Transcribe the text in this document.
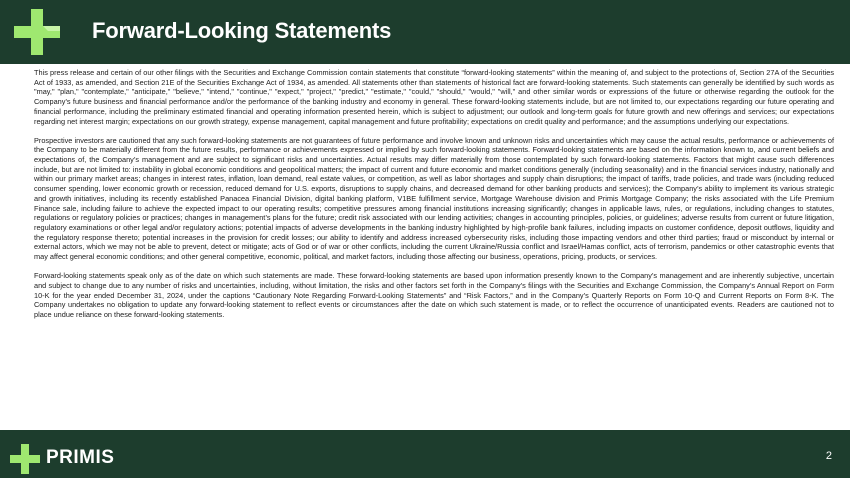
Forward-Looking Statements

This press release and certain of our other filings with the Securities and Exchange Commission contain statements that constitute “forward-looking statements” within the meaning of, and subject to the protections of, Section 27A of the Securities Act of 1933, as amended, and Section 21E of the Securities Exchange Act of 1934, as amended. All statements other than statements of historical fact are forward-looking statements. Such statements can generally be identified by such words as "may," "plan," "contemplate," "anticipate," "believe," "intend," "continue," "expect," "project," "predict," "estimate," "could," "should," "would," "will," and other similar words or expressions of the future or otherwise regarding the outlook for the Company’s future business and financial performance and/or the performance of the banking industry and economy in general. These forward-looking statements include, but are not limited to, our expectations regarding our future operating and financial performance, including the preliminary estimated financial and operating information presented herein, which is subject to adjustment; our outlook and long-term goals for future growth and new offerings and services; our expectations regarding net interest margin; expectations on our growth strategy, expense management, capital management and future profitability; expectations on credit quality and performance; and the assumptions underlying our expectations.

Prospective investors are cautioned that any such forward-looking statements are not guarantees of future performance and involve known and unknown risks and uncertainties which may cause the actual results, performance or achievements of the Company to be materially different from the future results, performance or achievements expressed or implied by such forward-looking statements. Forward-looking statements are based on the information known to, and current beliefs and expectations of, the Company’s management and are subject to significant risks and uncertainties. Actual results may differ materially from those contemplated by such forward-looking statements. Factors that might cause such differences include, but are not limited to: instability in global economic conditions and geopolitical matters; the impact of current and future economic and market conditions generally (including seasonality) and in the financial services industry, nationally and within our primary market areas; changes in interest rates, inflation, loan demand, real estate values, or competition, as well as labor shortages and supply chain disruptions; the impact of tariffs, trade policies, and trade wars (including reduced consumer spending, lower economic growth or recession, reduced demand for U.S. exports, disruptions to supply chains, and decreased demand for other banking products and services); the Company’s ability to implement its various strategic and growth initiatives, including its recently established Panacea Financial Division, digital banking platform, V1BE fulfillment service, Mortgage Warehouse division and Primis Mortgage Company; the risks associated with the Life Premium Finance sale, including failure to achieve the expected impact to our operating results; competitive pressures among financial institutions increasing significantly; changes in applicable laws, rules, or regulations, including changes to statutes, regulations or regulatory policies or practices; changes in management’s plans for the future; credit risk associated with our lending activities; changes in accounting principles, policies, or guidelines; adverse results from current or future litigation, regulatory examinations or other legal and/or regulatory actions; potential impacts of adverse developments in the banking industry highlighted by high-profile bank failures, including impacts on customer confidence, deposit outflows, liquidity and the regulatory response thereto; potential increases in the provision for credit losses; our ability to identify and address increased cybersecurity risks, including those impacting vendors and other third parties; fraud or misconduct by internal or external actors, which we may not be able to prevent, detect or mitigate; acts of God or of war or other conflicts, including the current Ukraine/Russia conflict and Israel/Hamas conflict, acts of terrorism, pandemics or other catastrophic events that may affect general economic conditions; and other general competitive, economic, political, and market factors, including those affecting our business, operations, pricing, products, or services.

Forward-looking statements speak only as of the date on which such statements are made. These forward-looking statements are based upon information presently known to the Company’s management and are inherently subjective, uncertain and subject to change due to any number of risks and uncertainties, including, without limitation, the risks and other factors set forth in the Company’s filings with the Securities and Exchange Commission, the Company’s Annual Report on Form 10-K for the year ended December 31, 2024, under the captions “Cautionary Note Regarding Forward-Looking Statements” and “Risk Factors,” and in the Company’s Quarterly Reports on Form 10-Q and Current Reports on Form 8-K. The Company undertakes no obligation to update any forward-looking statement to reflect events or circumstances after the date on which such statement is made, or to reflect the occurrence of unanticipated events. Readers are cautioned not to place undue reliance on these forward-looking statements.

PRIMIS	2
